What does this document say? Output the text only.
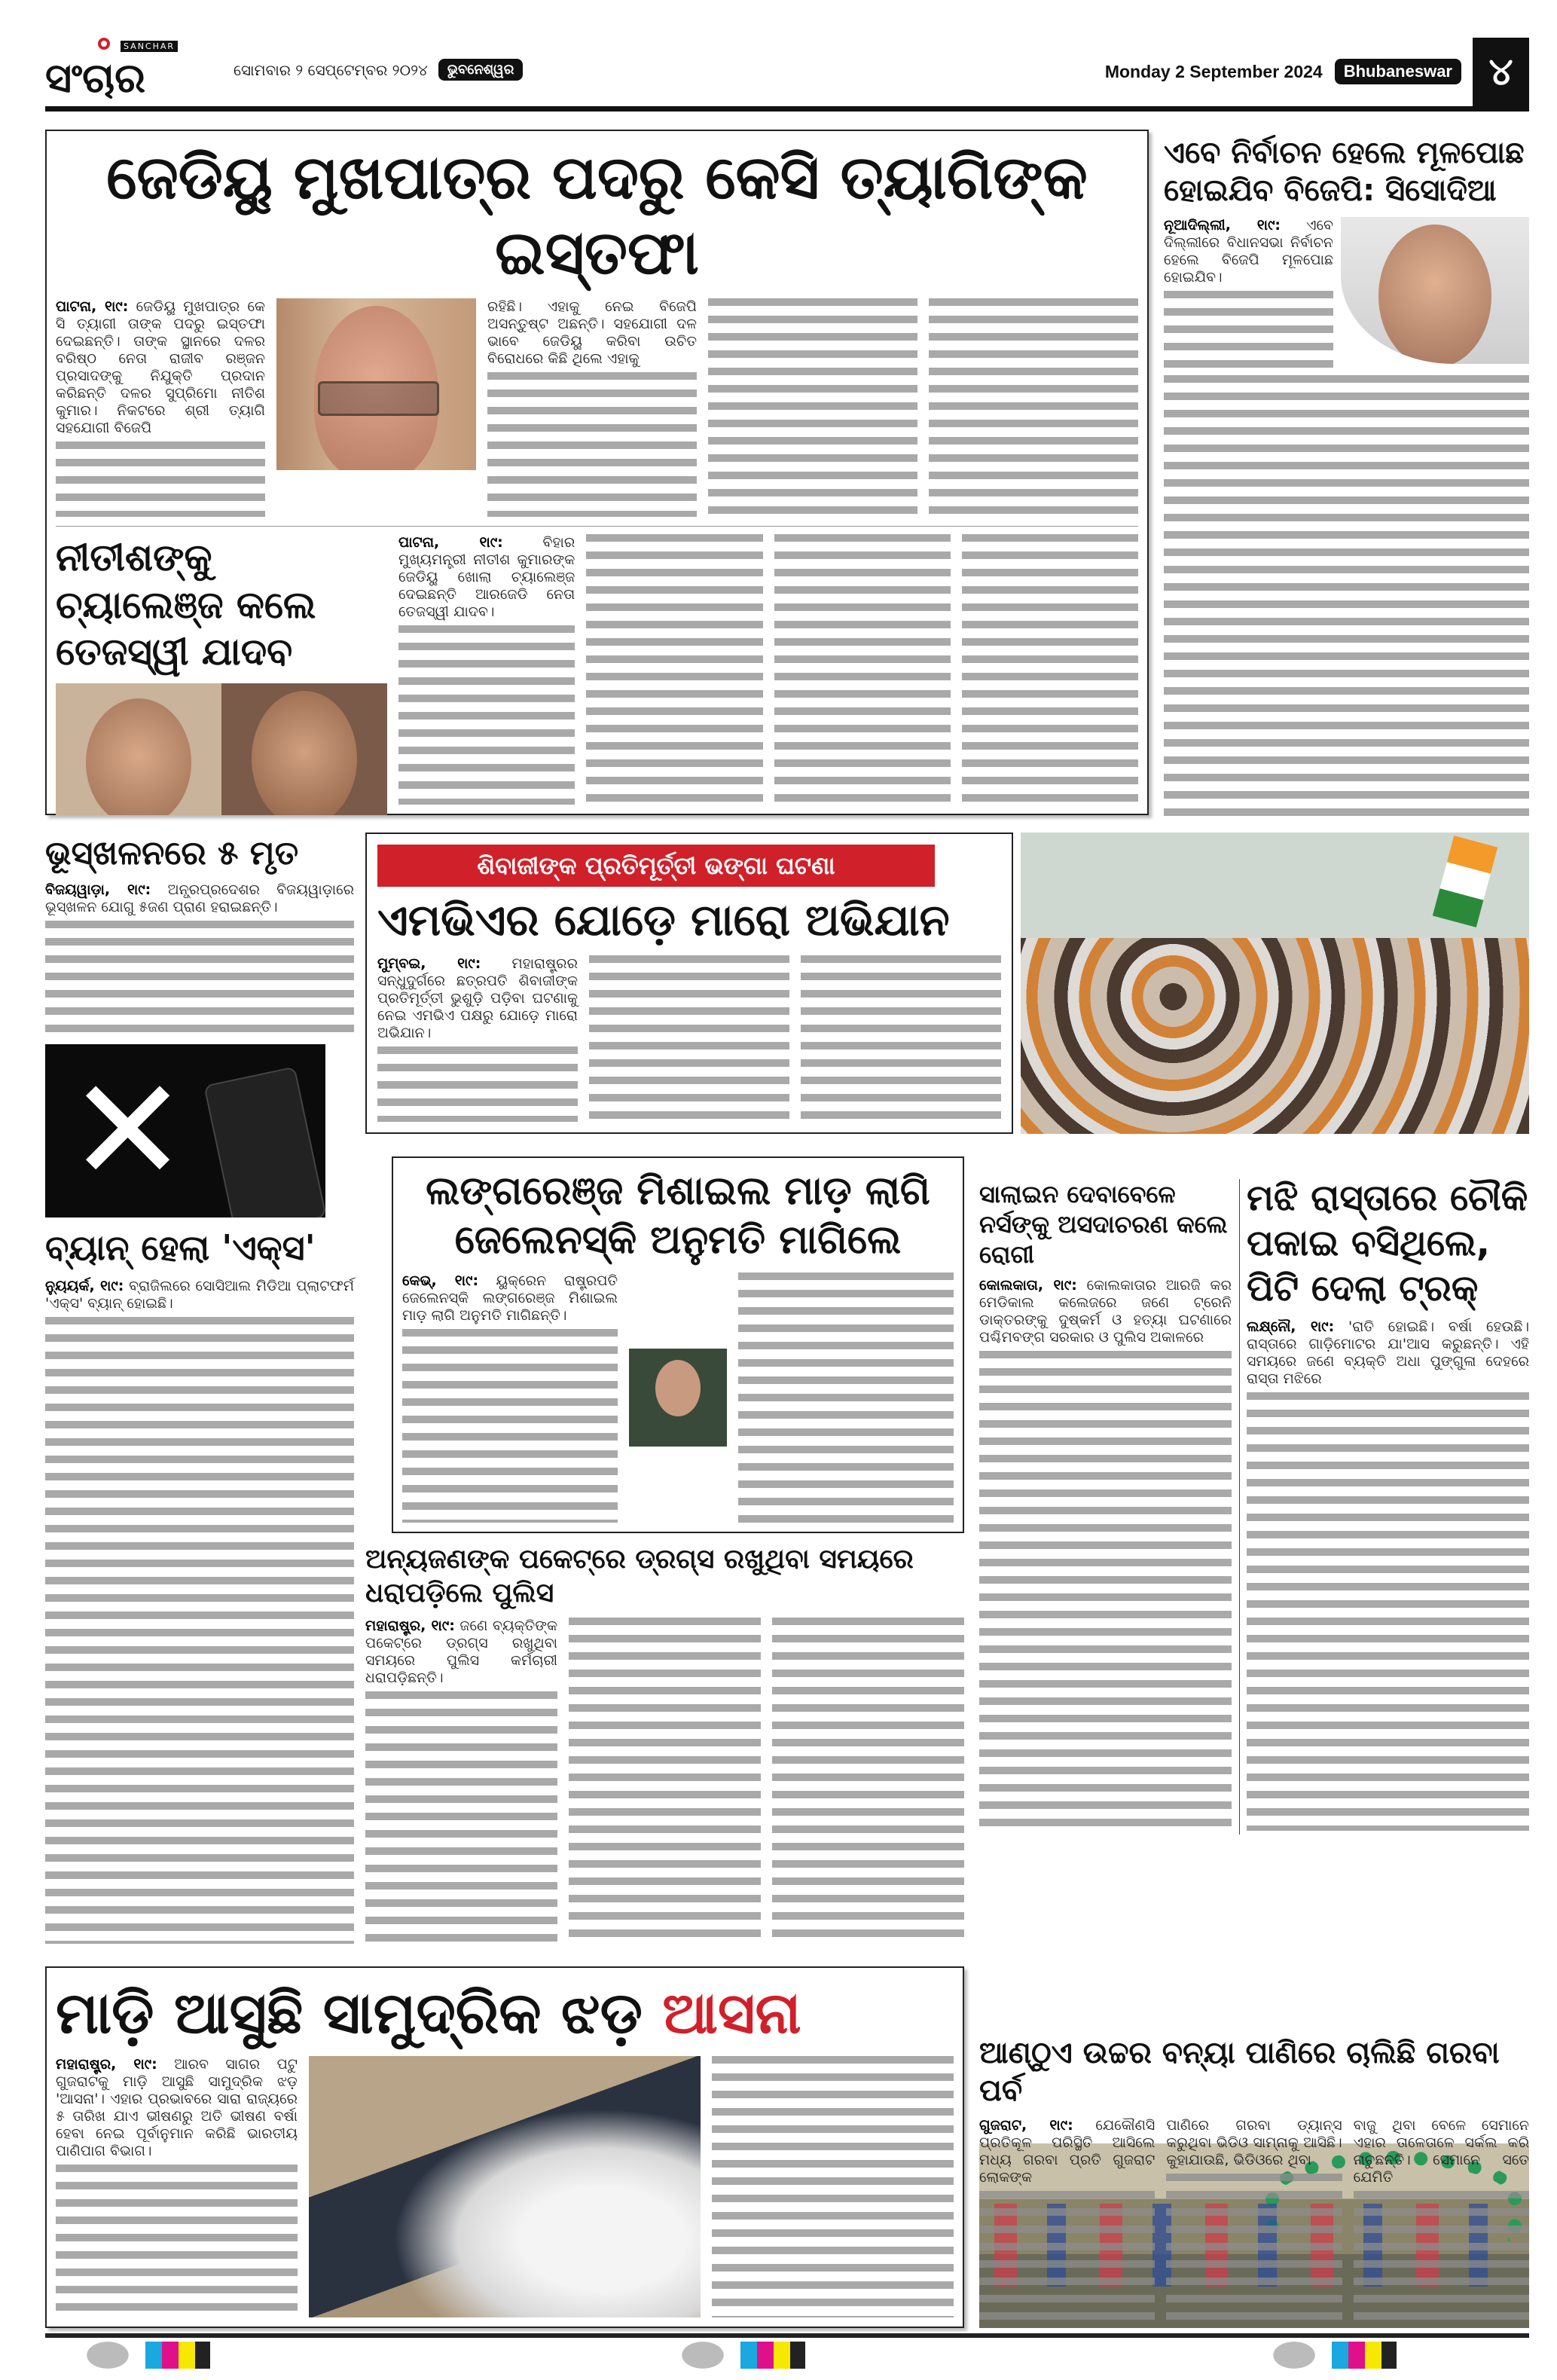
SANCHAR
ସଂଚାର	ସୋମବାର ୨ ସେପ୍ଟେମ୍ବର ୨୦୨୪	ଭୁବନେଶ୍ୱର	Monday 2 September 2024	Bhubaneswar ୪
ଜେଡିୟୁ ମୁଖପାତ୍ର ପଦରୁ କେସି ତ୍ୟାଗିଙ୍କ ଇସ୍ତଫା
ପାଟନା, ୧ା୯: ଜେଡିୟୁ ମୁଖପାତ୍ର କେ ସି ତ୍ୟାଗୀ ତାଙ୍କ ପଦରୁ ଇସ୍ତଫା ଦେଇଛନ୍ତି। ତାଙ୍କ ସ୍ଥାନରେ ଦଳର ବରିଷ୍ଠ ନେତା ରାଜୀବ ରଞ୍ଜନ ପ୍ରସାଦଙ୍କୁ ନିଯୁକ୍ତି ପ୍ରଦାନ କରିଛନ୍ତି ଦଳର ସୁପ୍ରିମୋ ନୀତିଶ କୁମାର। ନିକଟରେ ଶ୍ରୀ ତ୍ୟାଗି ସହଯୋଗୀ ବିଜେପି
ରହିଛି। ଏହାକୁ ନେଇ ବିଜେପି ଅସନ୍ତୁଷ୍ଟ ଅଛନ୍ତି। ସହଯୋଗୀ ଦଳ ଭାବେ ଜେଡିୟୁ କରିବା ଉଚିତ ବିରୋଧରେ କିଛି ଥିଲେ ଏହାକୁ
ନୀତୀଶଙ୍କୁ ଚ୍ୟାଲେଞ୍ଜ କଲେ ତେଜସ୍ୱୀ ଯାଦବ
ପାଟନା, ୧ା୯:	ବିହାର ମୁଖ୍ୟମନ୍ତ୍ରୀ ନୀତୀଶ କୁମାରଙ୍କ ଜେଡିୟୁ ଖୋଲା ଚ୍ୟାଲେଞ୍ଜ ଦେଇଛନ୍ତି ଆରଜେଡି ନେତା ତେଜସ୍ୱୀ ଯାଦବ।
ଏବେ ନିର୍ବାଚନ ହେଲେ ମୂଳପୋଛ ହୋଇଯିବ ବିଜେପି: ସିସୋଦିଆ
ନୂଆଦିଲ୍ଲୀ, ୧ା୯: ଏବେ ଦିଲ୍ଲୀରେ ବିଧାନସଭା ନିର୍ବାଚନ ହେଲେ ବିଜେପି ମୂଳପୋଛ ହୋଇଯିବ।
ଭୂସ୍ଖଳନରେ ୫ ମୃତ
ବିଜୟୱାଡ଼ା, ୧ା୯: ଅନ୍ଧ୍ରପ୍ରଦେଶର ବିଜୟୱାଡ଼ାରେ ଭୂସ୍ଖଳନ ଯୋଗୁ ୫ଜଣ ପ୍ରାଣ ହରାଇଛନ୍ତି।
✕
ବ୍ୟାନ୍ ହେଲା 'ଏକ୍ସ'
ନ୍ୟୁୟର୍କ, ୧ା୯: ବ୍ରାଜିଲରେ ସୋସିଆଲ ମିଡିଆ ପ୍ଲାଟଫର୍ମ 'ଏକ୍ସ' ବ୍ୟାନ୍ ହୋଇଛି।
ଶିବାଜୀଙ୍କ ପ୍ରତିମୂର୍ତ୍ତୀ ଭଙ୍ଗା ଘଟଣା
ଏମଭିଏର ଯୋଡ଼େ ମାରୋ ଅଭିଯାନ
ମୁମ୍ବଇ, ୧ା୯: ମହାରାଷ୍ଟ୍ରର ସନ୍ଧୁଦୁର୍ଗରେ ଛତ୍ରପତି ଶିବାଜୀଙ୍କ ପ୍ରତିମୂର୍ତ୍ତୀ ଭୁଶୁଡ଼ି ପଡ଼ିବା ଘଟଣାକୁ ନେଇ ଏମଭିଏ ପକ୍ଷରୁ ଯୋଡ଼େ ମାରୋ ଅଭିଯାନ।
ଲଙ୍ଗରେଞ୍ଜ ମିଶାଇଲ ମାଡ଼ ଲାଗି ଜେଲେନସ୍କି ଅନୁମତି ମାଗିଲେ
କେଭ୍, ୧ା୯: ୟୁକ୍ରେନ ରାଷ୍ଟ୍ରପତି ଜେଲେନସ୍କି ଲଙ୍ଗରେଞ୍ଜ ମିଶାଇଲ ମାଡ଼ ଲାଗି ଅନୁମତି ମାଗିଛନ୍ତି।
ଅନ୍ୟଜଣଙ୍କ ପକେଟ୍‌ରେ ଡ୍ରଗ୍ସ ରଖୁଥିବା ସମୟରେ ଧରାପଡ଼ିଲେ ପୁଲିସ
ମହାରାଷ୍ଟ୍ର, ୧ା୯: ଜଣେ ବ୍ୟକ୍ତିଙ୍କ ପକେଟ୍‌ରେ ଡ୍ରଗ୍ସ ରଖୁଥିବା ସମୟରେ ପୁଲିସ କର୍ମଚାରୀ ଧରାପଡ଼ିଛନ୍ତି।
ସାଲାଇନ ଦେବାବେଳେ ନର୍ସଙ୍କୁ ଅସଦାଚରଣ କଲେ ରୋଗୀ
କୋଲକାତା, ୧ା୯: କୋଲକାତାର ଆରଜି କର ମେଡିକାଲ କଲେଜରେ ଜଣେ ଟ୍ରେନି ଡାକ୍ତରଙ୍କୁ ଦୁଷ୍କର୍ମ ଓ ହତ୍ୟା ଘଟଣାରେ ପଶ୍ଚିମବଙ୍ଗ ସରକାର ଓ ପୁଲିସ ଅକାଳରେ
ମଝି ରାସ୍ତାରେ ଚୌକି ପକାଇ ବସିଥିଲେ, ପିଟି ଦେଲା ଟ୍ରକ୍
ଲକ୍ଷ୍ନୌ, ୧ା୯: 'ରାତି ହୋଇଛି। ବର୍ଷା ହେଉଛି। ରାସ୍ତାରେ ଗାଡ଼ିମୋଟର ଯା'ଆସ କରୁଛନ୍ତି। ଏହି ସମୟରେ ଜଣେ ବ୍ୟକ୍ତି ଅଧା ପୁଙ୍ଗୁଳା ଦେହରେ ରାସ୍ତା ମଝିରେ
ଆଣ୍ଠୁଏ ଉଚ୍ଚର ବନ୍ୟା ପାଣିରେ ଚାଲିଛି ଗରବା ପର୍ବ
ଗୁଜରାଟ, ୧ା୯: ଯେକୌଣସି ପ୍ରତିକୂଳ ପରିସ୍ଥିତି ଆସିଲେ ମଧ୍ୟ ଗରବା ପ୍ରତି ଗୁଜରାଟ ଲୋକଙ୍କ
ପାଣିରେ ଗରବା ଡ୍ୟାନ୍ସ କରୁଥିବା ଭିଡିଓ ସାମ୍ନାକୁ ଆସିଛି। କୁହାଯାଉଛି, ଭିଡିଓରେ ଥିବା
ବାଜୁ ଥିବା ବେଳେ ସେମାନେ ଏହାର ତାଳେତାଳେ ସର୍କଲ କରି ନାଚୁଛନ୍ତି। ସେମାନେ ସତେ ଯେମିତି
ମାଡ଼ି ଆସୁଛି ସାମୁଦ୍ରିକ ଝଡ଼ ଆସନା
ମହାରାଷ୍ଟ୍ର, ୧ା୯: ଆରବ ସାଗର ପଟୁ ଗୁଜରାଟକୁ ମାଡ଼ି ଆସୁଛି ସାମୁଦ୍ରିକ ଝଡ଼ 'ଆସନା'। ଏହାର ପ୍ରଭାବରେ ସାରା ରାଜ୍ୟରେ ୫ ତାରିଖ ଯାଏ ଭୀଷଣରୁ ଅତି ଭୀଷଣ ବର୍ଷା ହେବା ନେଇ ପୂର୍ବାନୁମାନ କରିଛି ଭାରତୀୟ ପାଣିପାଗ ବିଭାଗ।
